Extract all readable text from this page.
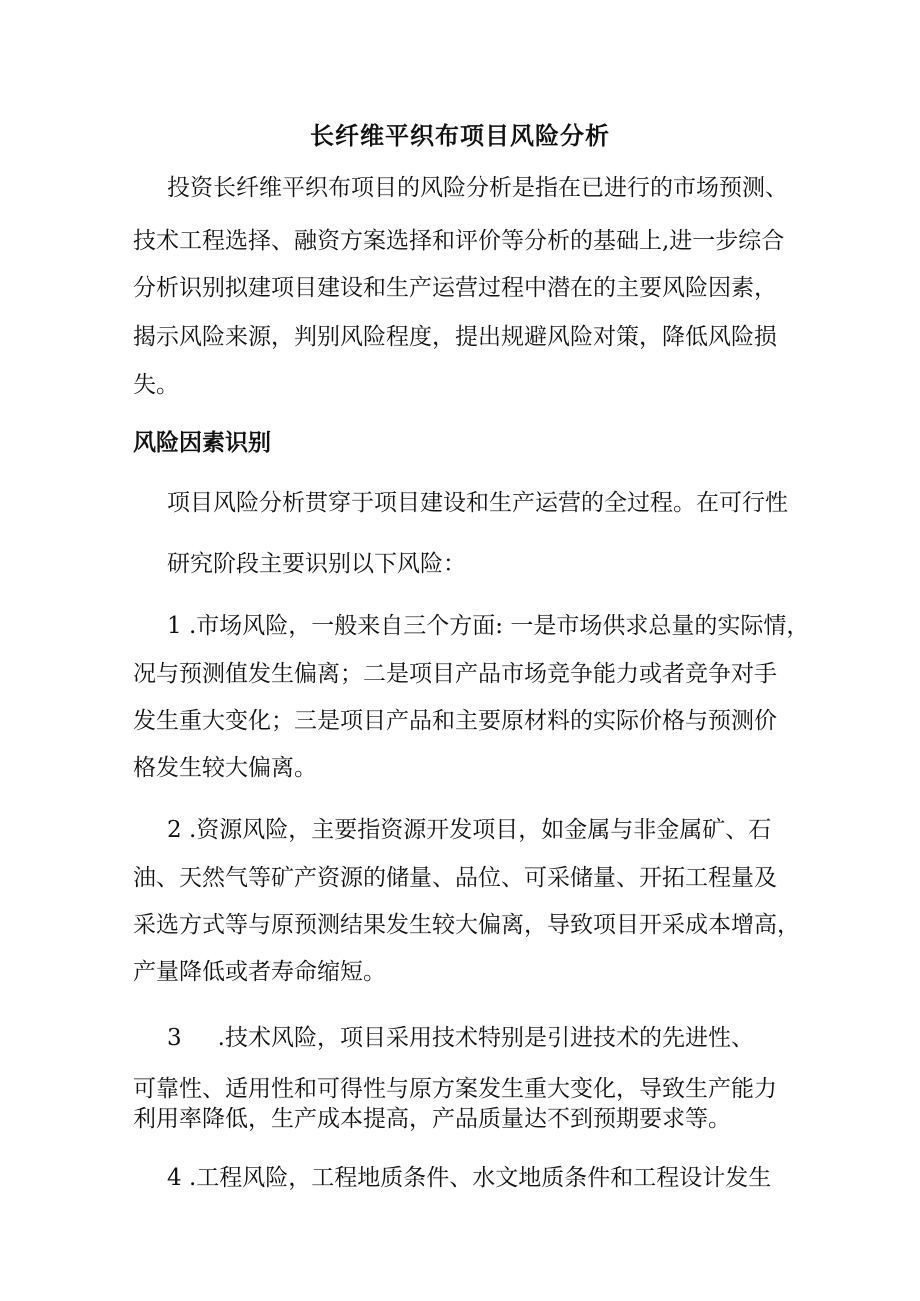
长纤维平织布项目风险分析
投资长纤维平织布项目的风险分析是指在已进行的市场预测、
技术工程选择、融资方案选择和评价等分析的基础上,进一步综合
分析识别拟建项目建设和生产运营过程中潜在的主要风险因素，
揭示风险来源，判别风险程度，提出规避风险对策，降低风险损
失。
风险因素识别
项目风险分析贯穿于项目建设和生产运营的全过程。在可行性
研究阶段主要识别以下风险：
1 .市场风险，一般来自三个方面: 一是市场供求总量的实际情，
况与预测值发生偏离；二是项目产品市场竞争能力或者竞争对手
发生重大变化；三是项目产品和主要原材料的实际价格与预测价
格发生较大偏离。
2 .资源风险，主要指资源开发项目，如金属与非金属矿、石
油、天然气等矿产资源的储量、品位、可采储量、开拓工程量及
采选方式等与原预测结果发生较大偏离，导致项目开采成本增高，
产量降低或者寿命缩短。
3 .技术风险，项目采用技术特别是引进技术的先进性、
可靠性、适用性和可得性与原方案发生重大变化，导致生产能力
利用率降低，生产成本提高，产品质量达不到预期要求等。
4 .工程风险，工程地质条件、水文地质条件和工程设计发生
